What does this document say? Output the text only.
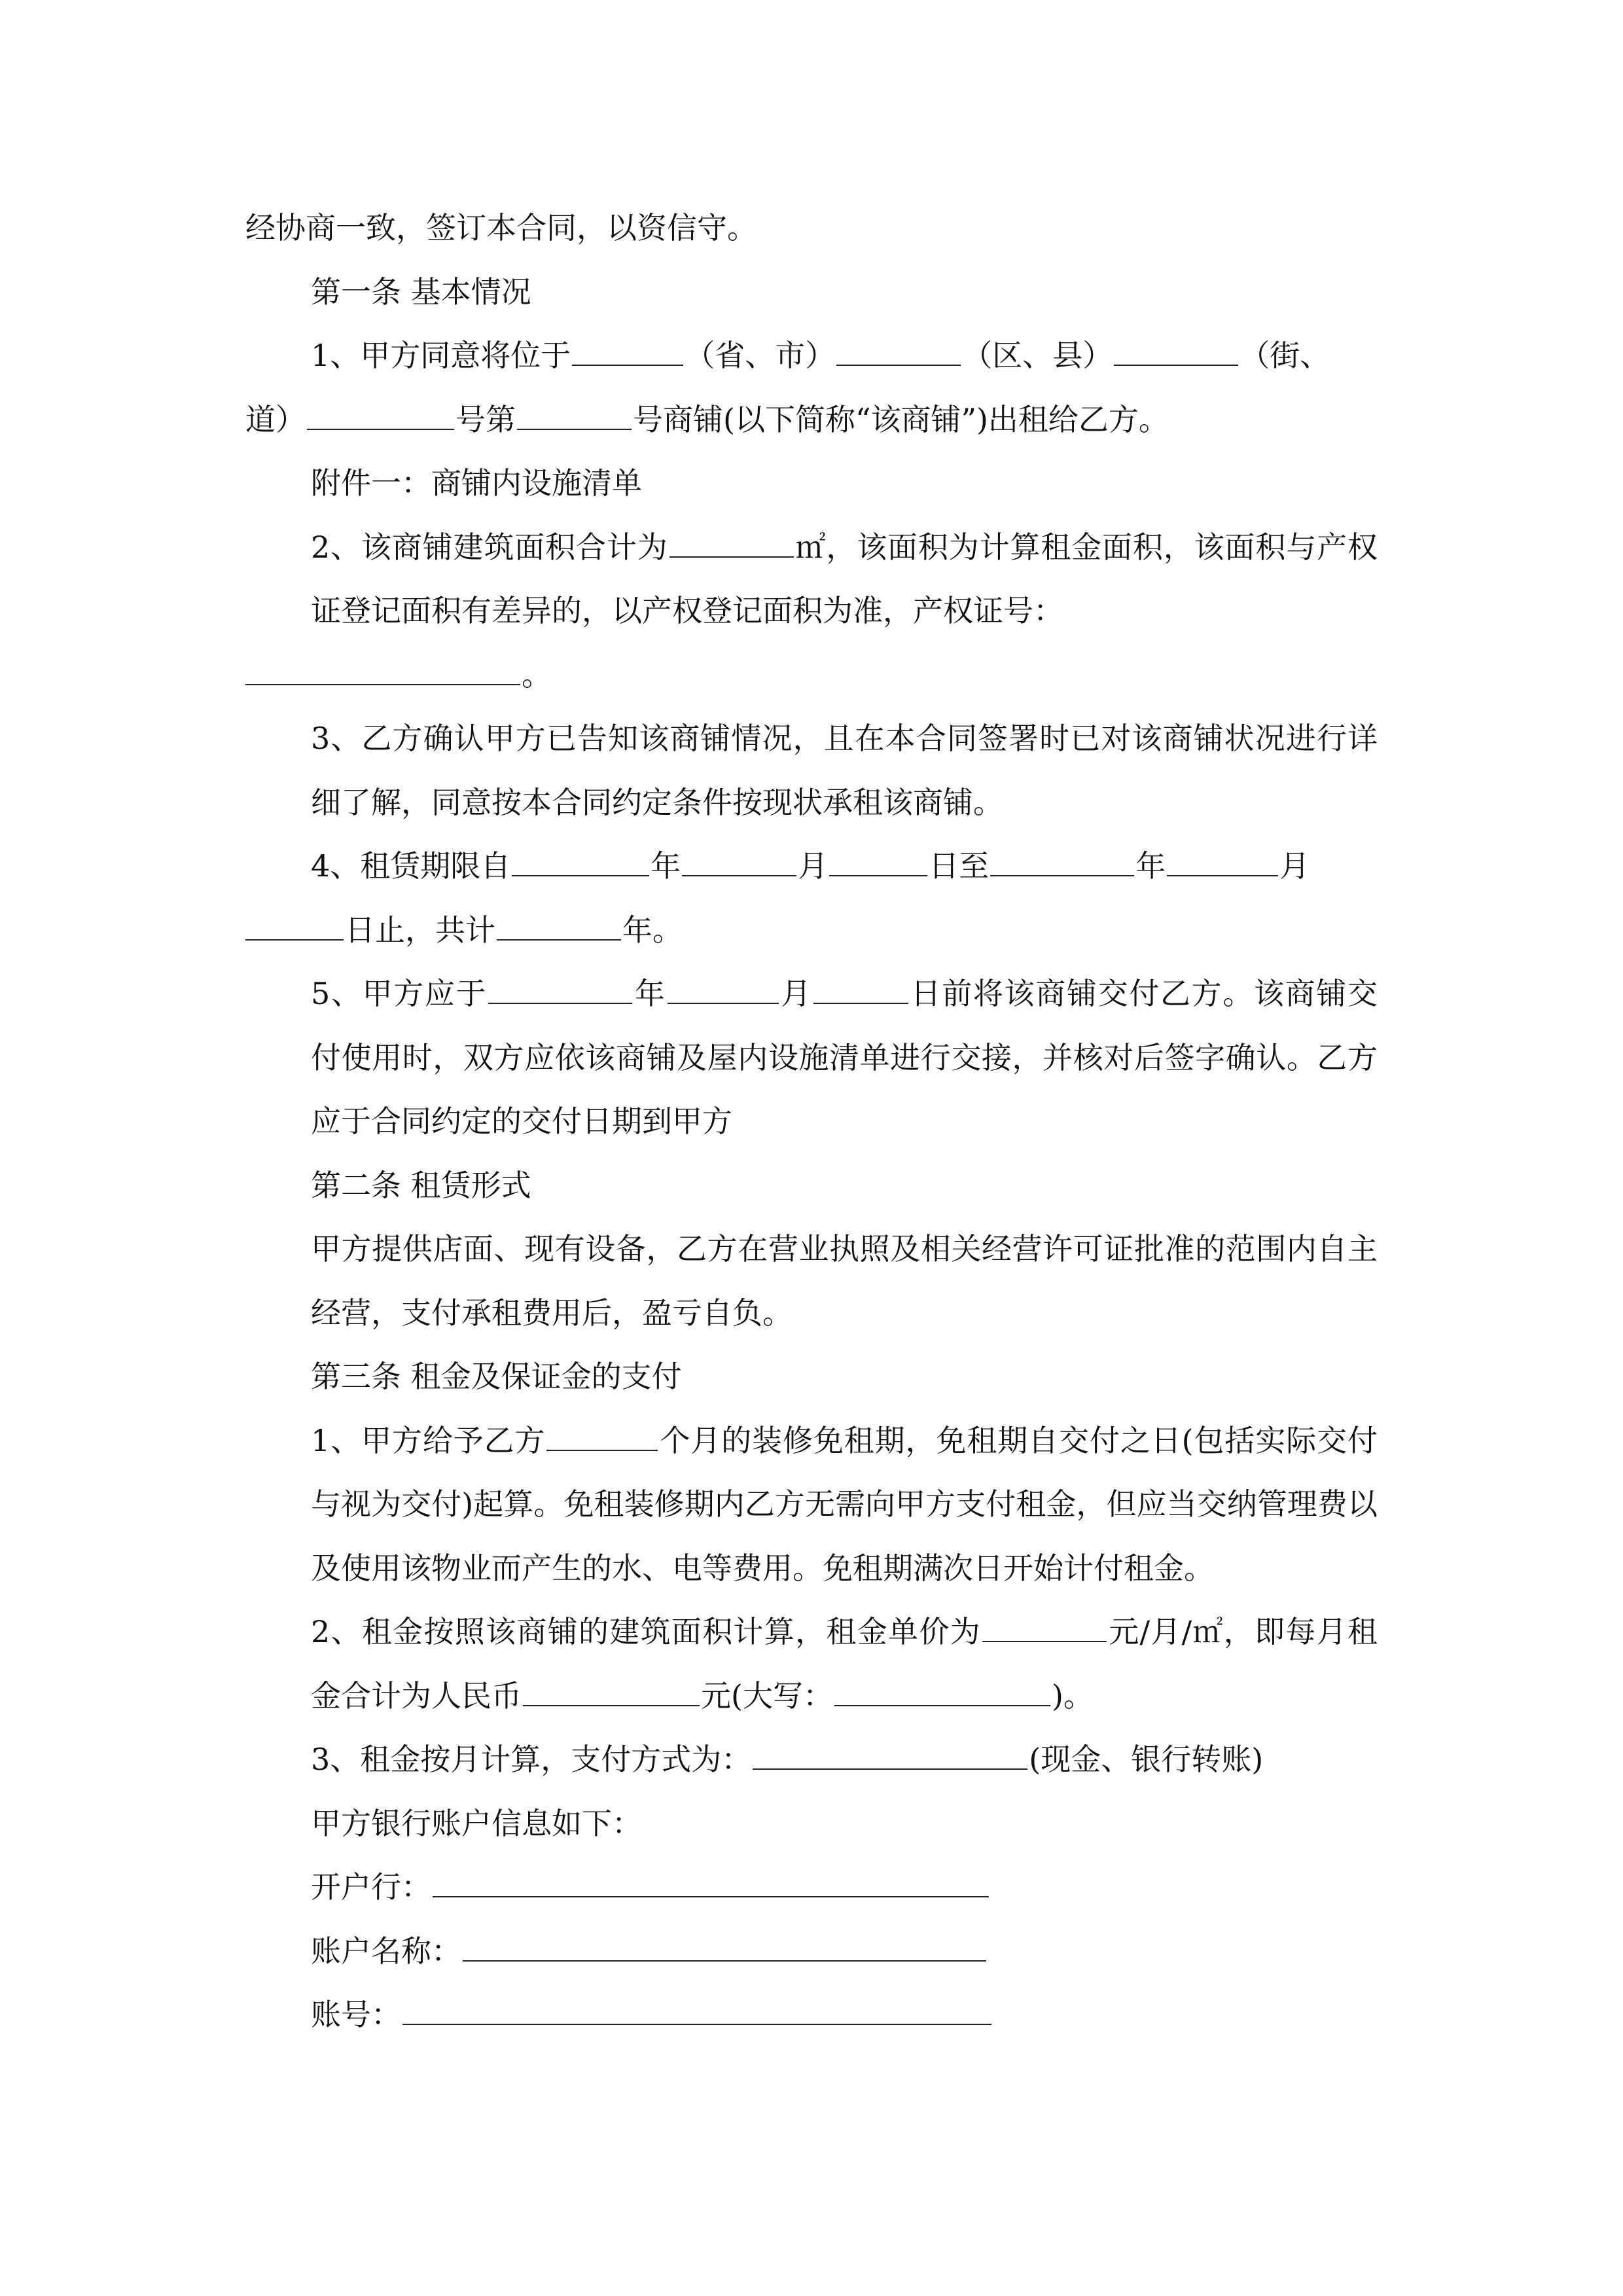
经协商一致，签订本合同，以资信守。
第一条 基本情况
1、甲方同意将位于	（省、市）	（区、县）	（街、
道）	号第	号商铺(以下简称“该商铺”)出租给乙方。
附件一：商铺内设施清单
2、该商铺建筑面积合计为	㎡，该面积为计算租金面积，该面积与产权证登记面积有差异的，以产权登记面积为准，产权证号：
。
3、乙方确认甲方已告知该商铺情况，且在本合同签署时已对该商铺状况进行详细了解，同意按本合同约定条件按现状承租该商铺。
4、租赁期限自	年	月	日至	年	月
日止，共计	年。
5、甲方应于	年	月	日前将该商铺交付乙方。该商铺交付使用时，双方应依该商铺及屋内设施清单进行交接，并核对后签字确认。乙方应于合同约定的交付日期到甲方
第二条 租赁形式
甲方提供店面、现有设备，乙方在营业执照及相关经营许可证批准的范围内自主经营，支付承租费用后，盈亏自负。
第三条 租金及保证金的支付
1、甲方给予乙方	个月的装修免租期，免租期自交付之日(包括实际交付与视为交付)起算。免租装修期内乙方无需向甲方支付租金，但应当交纳管理费以及使用该物业而产生的水、电等费用。免租期满次日开始计付租金。
2、租金按照该商铺的建筑面积计算，租金单价为	元/月/㎡，即每月租金合计为人民币	元(大写：	)。
3、租金按月计算，支付方式为：	(现金、银行转账)
甲方银行账户信息如下：
开户行：
账户名称：
账号：
